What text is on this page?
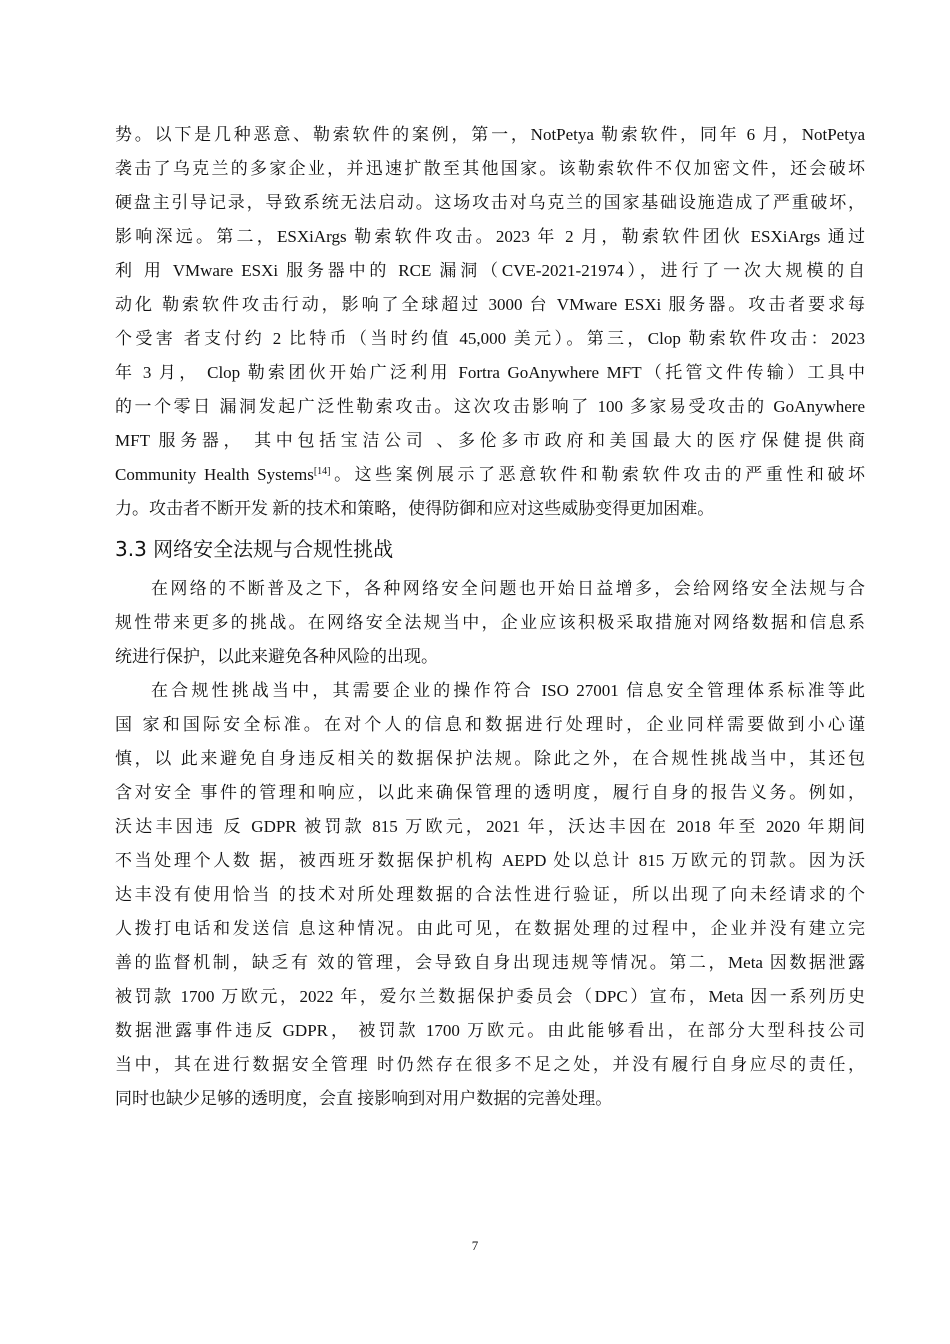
势。以下是几种恶意、勒索软件的案例，第一，NotPetya 勒索软件，同年 6 月，NotPetya

袭击了乌克兰的多家企业，并迅速扩散至其他国家。该勒索软件不仅加密文件，还会破坏

硬盘主引导记录，导致系统无法启动。这场攻击对乌克兰的国家基础设施造成了严重破坏，

影响深远。第二，ESXiArgs 勒索软件攻击。2023 年 2 月，勒索软件团伙 ESXiArgs 通过

利 用 VMware ESXi 服务器中的 RCE 漏洞（CVE-2021-21974），进行了一次大规模的自

动化 勒索软件攻击行动，影响了全球超过 3000 台 VMware ESXi 服务器。攻击者要求每

个受害 者支付约 2 比特币（当时约值 45,000 美元）。第三，Clop 勒索软件攻击：2023

年 3 月， Clop 勒索团伙开始广泛利用 Fortra GoAnywhere MFT（托管文件传输）工具中

的一个零日 漏洞发起广泛性勒索攻击。这次攻击影响了 100 多家易受攻击的 GoAnywhere

MFT 服务器， 其中包括宝洁公司 、多伦多市政府和美国最大的医疗保健提供商

Community Health Systems[14]。这些案例展示了恶意软件和勒索软件攻击的严重性和破坏

力。攻击者不断开发 新的技术和策略，使得防御和应对这些威胁变得更加困难。

3.3 网络安全法规与合规性挑战

在网络的不断普及之下，各种网络安全问题也开始日益增多，会给网络安全法规与合

规性带来更多的挑战。在网络安全法规当中，企业应该积极采取措施对网络数据和信息系

统进行保护，以此来避免各种风险的出现。

在合规性挑战当中，其需要企业的操作符合 ISO 27001 信息安全管理体系标准等此

国 家和国际安全标准。在对个人的信息和数据进行处理时，企业同样需要做到小心谨

慎，以 此来避免自身违反相关的数据保护法规。除此之外，在合规性挑战当中，其还包

含对安全 事件的管理和响应，以此来确保管理的透明度，履行自身的报告义务。例如，

沃达丰因违 反 GDPR 被罚款 815 万欧元，2021 年，沃达丰因在 2018 年至 2020 年期间

不当处理个人数 据，被西班牙数据保护机构 AEPD 处以总计 815 万欧元的罚款。因为沃

达丰没有使用恰当 的技术对所处理数据的合法性进行验证，所以出现了向未经请求的个

人拨打电话和发送信 息这种情况。由此可见，在数据处理的过程中，企业并没有建立完

善的监督机制，缺乏有 效的管理，会导致自身出现违规等情况。第二，Meta 因数据泄露

被罚款 1700 万欧元，2022 年，爱尔兰数据保护委员会（DPC）宣布，Meta 因一系列历史

数据泄露事件违反 GDPR， 被罚款 1700 万欧元。由此能够看出，在部分大型科技公司

当中，其在进行数据安全管理 时仍然存在很多不足之处，并没有履行自身应尽的责任，

同时也缺少足够的透明度，会直 接影响到对用户数据的完善处理。

7
